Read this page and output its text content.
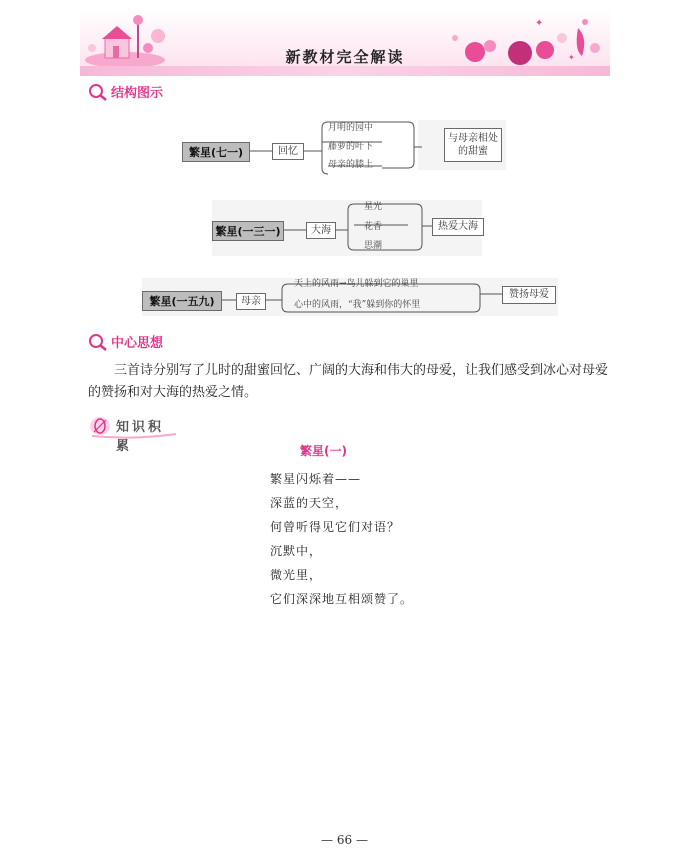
✦
✦
新教材完全解读
结构图示
繁星(七一)	回忆
月明的园中
藤萝的叶下
母亲的膝上
与母亲相处的甜蜜
繁星(一三一)	大海
星光
花香
思潮
热爱大海
繁星(一五九)	母亲
天上的风雨→鸟儿躲到它的巢里
心中的风雨，“我”躲到你的怀里
赞扬母爱
中心思想
三首诗分别写了儿时的甜蜜回忆、广阔的大海和伟大的母爱，让我们感受到冰心对母爱的赞扬和对大海的热爱之情。
知识积累	繁星(一)
繁星闪烁着——
深蓝的天空，
何曾听得见它们对语？
沉默中，
微光里，
它们深深地互相颂赞了。
— 66 —
